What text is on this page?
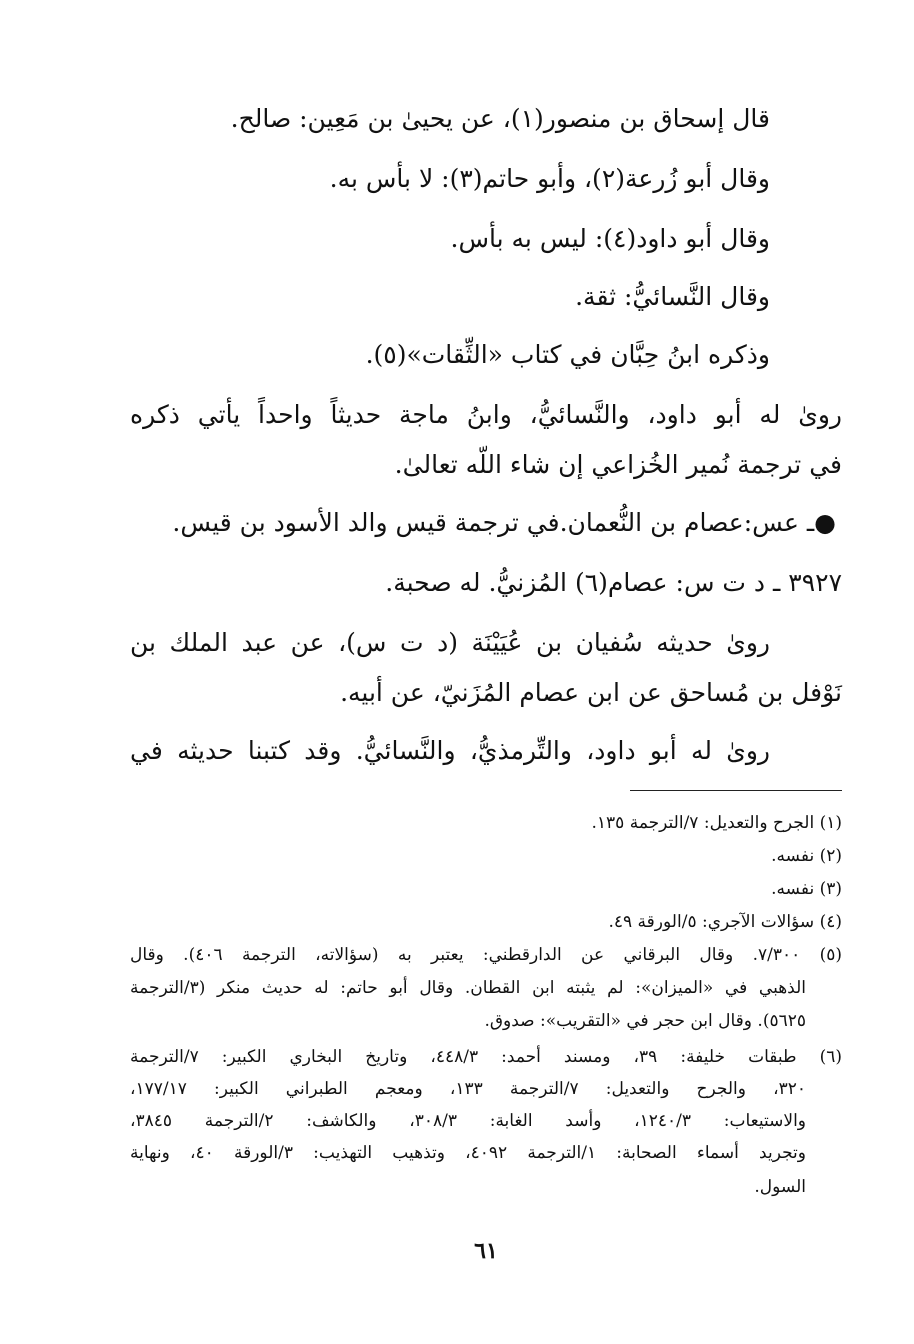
قال إسحاق بن منصور(١)، عن يحيىٰ بن مَعِين: صالح.
وقال أبو زُرعة(٢)، وأبو حاتم(٣): لا بأس به.
وقال أبو داود(٤): ليس به بأس.
وقال النَّسائيُّ: ثقة.
وذكره ابنُ حِبَّان في كتاب «الثِّقات»(٥).
رویٰ له أبو داود، والنَّسائيُّ، وابنُ ماجة حديثاً واحداً يأتي ذكره
في ترجمة نُمير الخُزاعي إن شاء اللّه تعالىٰ.
●ـ عس:عصام بن النُّعمان.في ترجمة قيس والد الأسود بن قيس.
٣٩٢٧ ـ د ت س: عصام(٦) المُزنيُّ. له صحبة.
رویٰ حديثه سُفيان بن عُيَيْنَة (د ت س)، عن عبد الملك بن
نَوْفل بن مُساحق عن ابن عصام المُزَنيّ، عن أبيه.
رویٰ له أبو داود، والتِّرمذيُّ، والنَّسائيُّ. وقد كتبنا حديثه في
(١) الجرح والتعديل: ٧/الترجمة ١٣٥.
(٢) نفسه.
(٣) نفسه.
(٤) سؤالات الآجري: ٥/الورقة ٤٩.
(٥) ٧/٣٠٠. وقال البرقاني عن الدارقطني: يعتبر به (سؤالاته، الترجمة ٤٠٦). وقال
الذهبي في «الميزان»: لم يثبته ابن القطان. وقال أبو حاتم: له حديث منكر (٣/الترجمة
٥٦٢٥). وقال ابن حجر في «التقريب»: صدوق.
(٦) طبقات خليفة: ٣٩، ومسند أحمد: ٤٤٨/٣، وتاريخ البخاري الكبير: ٧/الترجمة
٣٢٠، والجرح والتعديل: ٧/الترجمة ١٣٣، ومعجم الطبراني الكبير: ١٧٧/١٧،
والاستيعاب: ١٢٤٠/٣، وأسد الغابة: ٣٠٨/٣، والكاشف: ٢/الترجمة ٣٨٤٥،
وتجريد أسماء الصحابة: ١/الترجمة ٤٠٩٢، وتذهيب التهذيب: ٣/الورقة ٤٠، ونهاية
السول.
٦١
